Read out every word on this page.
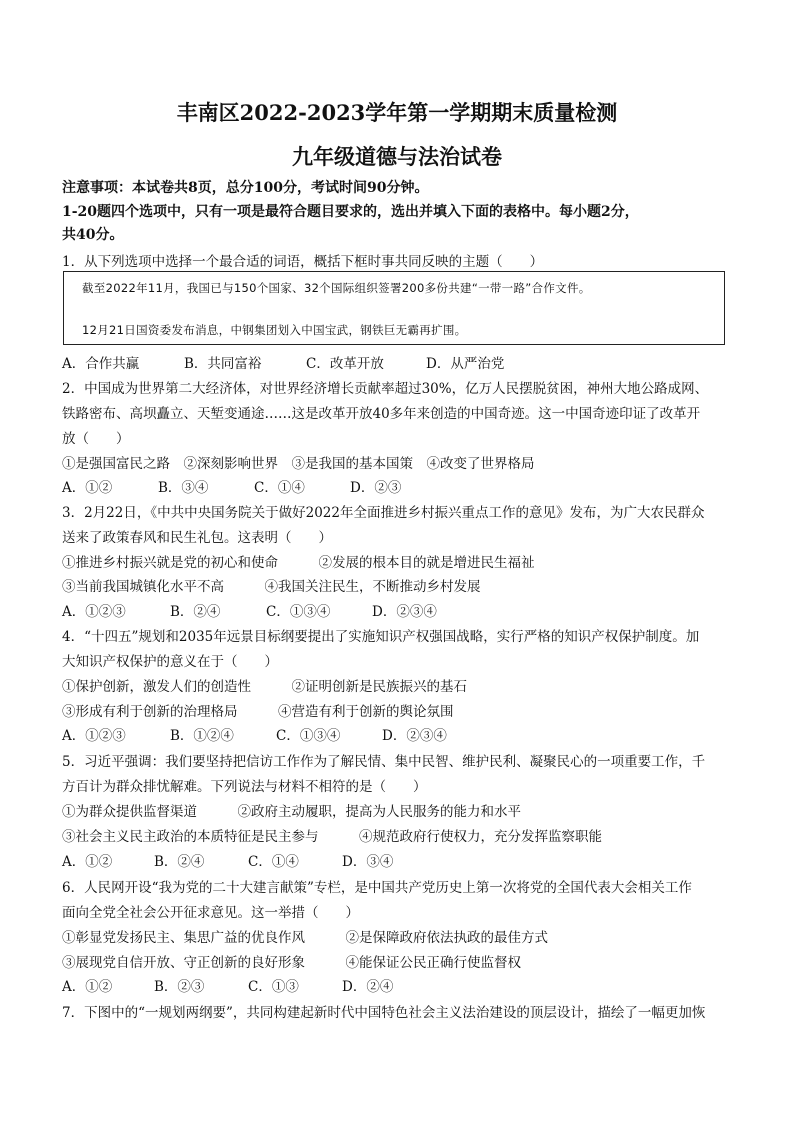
丰南区2022-2023学年第一学期期末质量检测
九年级道德与法治试卷
注意事项：本试卷共8页，总分100分，考试时间90分钟。
1-20题四个选项中，只有一项是最符合题目要求的，选出并填入下面的表格中。每小题2分，
共40分。
1．从下列选项中选择一个最合适的词语，概括下框时事共同反映的主题（　　）
截至2022年11月，我国已与150个国家、32个国际组织签署200多份共建“一带一路”合作文件。
12月21日国资委发布消息，中钢集团划入中国宝武，钢铁巨无霸再扩围。
A．合作共赢	B．共同富裕	C．改革开放	D．从严治党
2．中国成为世界第二大经济体，对世界经济增长贡献率超过30%，亿万人民摆脱贫困，神州大地公路成网、
铁路密布、高坝矗立、天堑变通途……这是改革开放40多年来创造的中国奇迹。这一中国奇迹印证了改革开
放（　　）
①是强国富民之路　②深刻影响世界　③是我国的基本国策　④改变了世界格局
A．①②	B．③④	C．①④	D．②③
3．2月22日，《中共中央国务院关于做好2022年全面推进乡村振兴重点工作的意见》发布，为广大农民群众
送来了政策春风和民生礼包。这表明（　　）
①推进乡村振兴就是党的初心和使命　　　②发展的根本目的就是增进民生福祉
③当前我国城镇化水平不高　　　④我国关注民生，不断推动乡村发展
A．①②③	B．②④	C．①③④	D．②③④
4．“十四五”规划和2035年远景目标纲要提出了实施知识产权强国战略，实行严格的知识产权保护制度。加
大知识产权保护的意义在于（　　）
①保护创新，激发人们的创造性　　　②证明创新是民族振兴的基石
③形成有利于创新的治理格局　　　④营造有利于创新的舆论氛围
A．①②③	B．①②④	C．①③④	D．②③④
5．习近平强调：我们要坚持把信访工作作为了解民情、集中民智、维护民利、凝聚民心的一项重要工作，千
方百计为群众排忧解难。下列说法与材料不相符的是（　　）
①为群众提供监督渠道　　　②政府主动履职，提高为人民服务的能力和水平
③社会主义民主政治的本质特征是民主参与　　　④规范政府行使权力，充分发挥监察职能
A．①②	B．②④	C．①④	D．③④
6．人民网开设“我为党的二十大建言献策”专栏，是中国共产党历史上第一次将党的全国代表大会相关工作
面向全党全社会公开征求意见。这一举措（　　）
①彰显党发扬民主、集思广益的优良作风　　　②是保障政府依法执政的最佳方式
③展现党自信开放、守正创新的良好形象　　　④能保证公民正确行使监督权
A．①②	B．②③	C．①③	D．②④
7．下图中的“一规划两纲要”，共同构建起新时代中国特色社会主义法治建设的顶层设计，描绘了一幅更加恢
